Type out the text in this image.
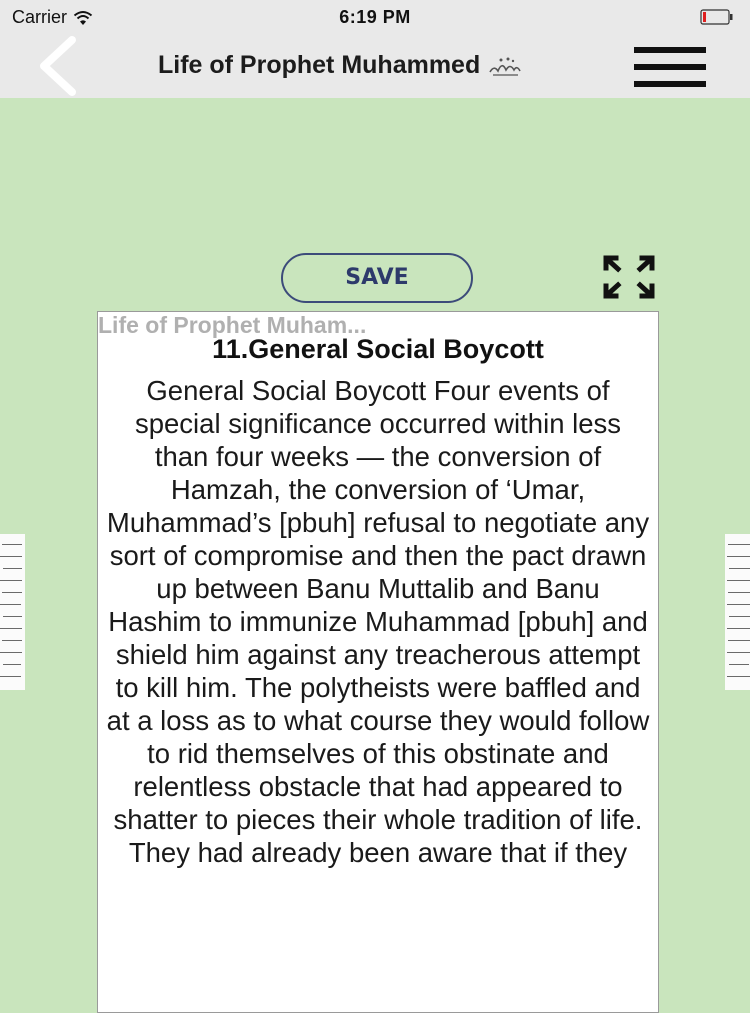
Carrier	6:19 PM
Life of Prophet Muhammed
SAVE
Life of Prophet Muham...
11.General Social Boycott
General Social Boycott Four events of special significance occurred within less than four weeks — the conversion of Hamzah, the conversion of ‘Umar, Muhammad’s [pbuh] refusal to negotiate any sort of compromise and then the pact drawn up between Banu Muttalib and Banu Hashim to immunize Muhammad [pbuh] and shield him against any treacherous attempt to kill him. The polytheists were baffled and at a loss as to what course they would follow to rid themselves of this obstinate and relentless obstacle that had appeared to shatter to pieces their whole tradition of life. They had already been aware that if they
